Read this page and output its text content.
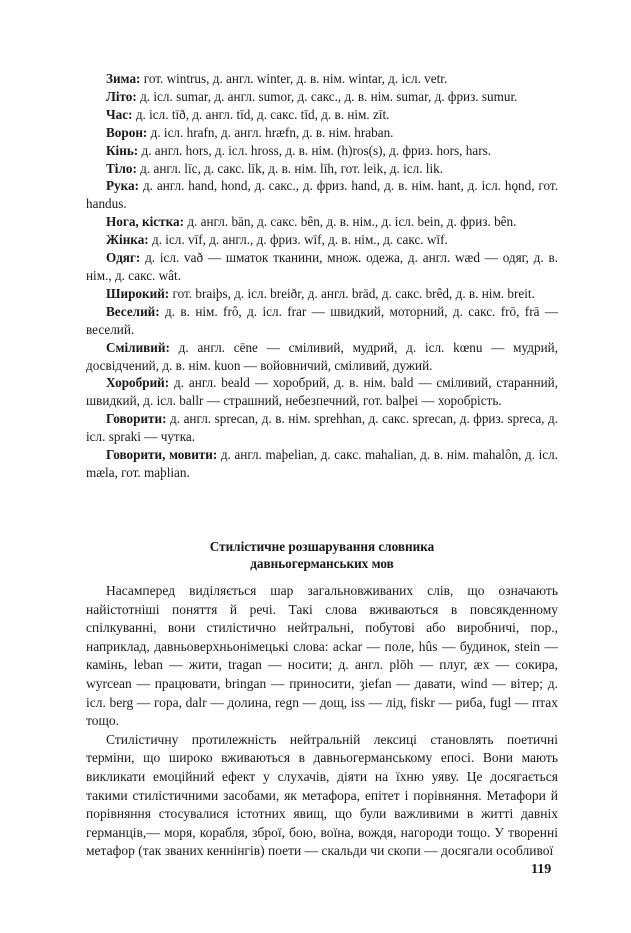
Зима: гот. wintrus, д. англ. winter, д. в. нім. wintar, д. ісл. vetr.

Літо: д. ісл. sumar, д. англ. sumor, д. сакс., д. в. нім. sumar, д. фриз. sumur.

Час: д. ісл. tīð, д. англ. tīd, д. сакс. tīd, д. в. нім. zīt.

Ворон: д. ісл. hrafn, д. англ. hræfn, д. в. нім. hraban.

Кінь: д. англ. hors, д. ісл. hross, д. в. нім. (h)ros(s), д. фриз. hors, hars.

Тіло: д. англ. līc, д. сакс. līk, д. в. нім. līh, гот. leik, д. ісл. lik.

Рука: д. англ. hand, hond, д. сакс., д. фриз. hand, д. в. нім. hant, д. ісл. hǫnd, гот. handus.

Нога, кістка: д. англ. bān, д. сакс. bên, д. в. нім., д. ісл. bein, д. фриз. bên.

Жінка: д. ісл. vīf, д. англ., д. фриз. wīf, д. в. нім., д. сакс. wīf.

Одяг: д. ісл. vað — шматок тканини, множ. одежа, д. англ. wæd — одяг, д. в. нім., д. сакс. wât.

Широкий: гот. braiþs, д. ісл. breiðr, д. англ. brād, д. сакс. brêd, д. в. нім. breit.

Веселий: д. в. нім. frô, д. ісл. frar — швидкий, моторний, д. сакс. frō, frā — веселий.

Сміливий: д. англ. cēne — сміливий, мудрий, д. ісл. kœnu — мудрий, досвідчений, д. в. нім. kuon — войовничий, сміливий, дужий.

Хоробрий: д. англ. beald — хоробрий, д. в. нім. bald — сміливий, старанний, швидкий, д. ісл. ballr — страшний, небезпечний, гот. balþei — хоробрість.

Говорити: д. англ. sprecan, д. в. нім. sprehhan, д. сакс. sprecan, д. фриз. spreca, д. ісл. spraki — чутка.

Говорити, мовити: д. англ. maþelian, д. сакс. mahalian, д. в. нім. mahalôn, д. ісл. mæla, гот. maþlian.

Стилістичне розшарування словника
давньогерманських мов

Насамперед виділяється шар загальновживаних слів, що означають найістотніші поняття й речі. Такі слова вживаються в повсякденному спілкуванні, вони стилістично нейтральні, побутові або виробничі, пор., наприклад, давньоверхньонімецькі слова: ackar — поле, hûs — будинок, stein — камінь, leban — жити, tragan — носити; д. англ. plōh — плуг, æx — сокира, wyrcean — працювати, bringan — приносити, ȝiefan — давати, wind — вітер; д. ісл. berg — гора, dalr — долина, regn — дощ, iss — лід, fiskr — риба, fugl — птах тощо.

Стилістичну протилежність нейтральній лексиці становлять поетичні терміни, що широко вживаються в давньогерманському епосі. Вони мають викликати емоційний ефект у слухачів, діяти на їхню уяву. Це досягається такими стилістичними засобами, як метафора, епітет і порівняння. Метафори й порівняння стосувалися істотних явищ, що були важливими в житті давніх германців,— моря, корабля, зброї, бою, воїна, вождя, нагороди тощо. У творенні метафор (так званих кеннінгів) поети — скальди чи скопи — досягали особливої

119
